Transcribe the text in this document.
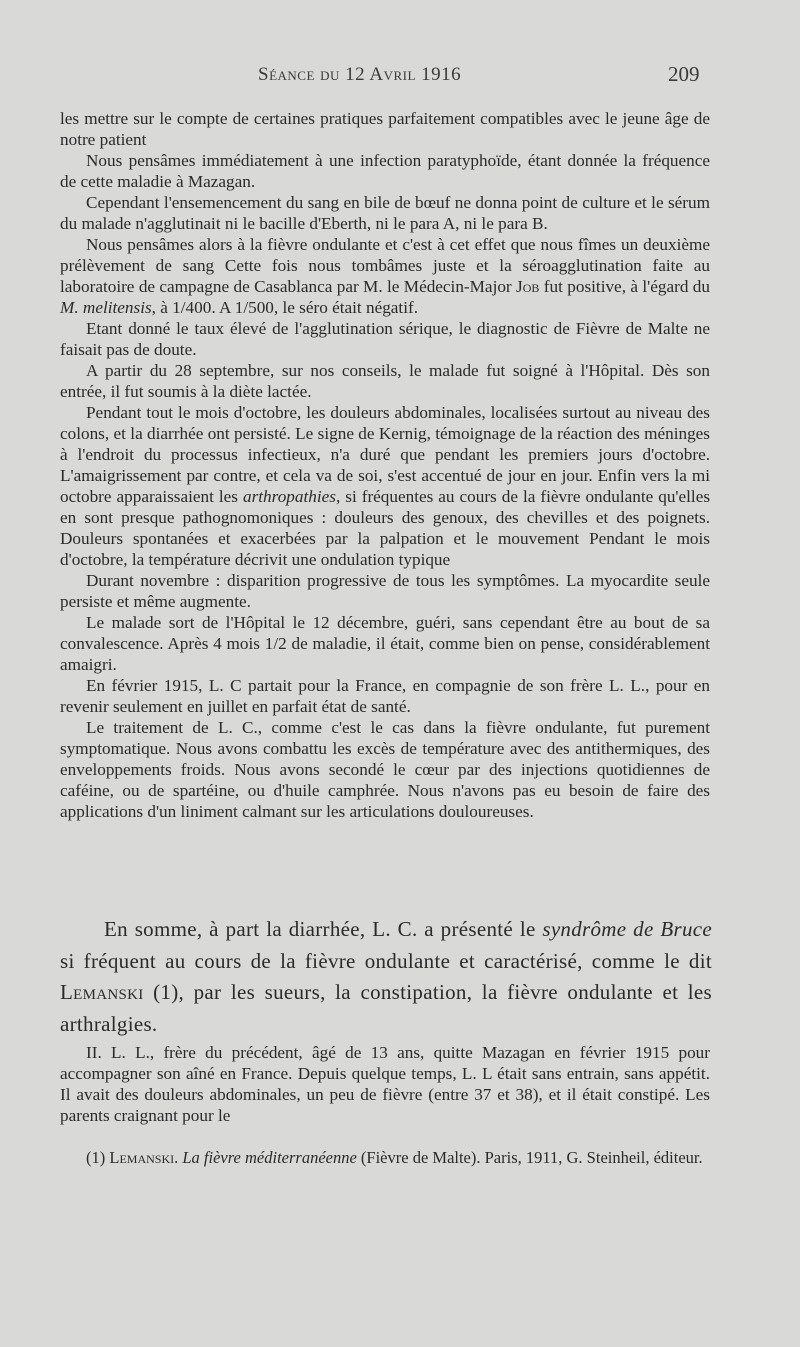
Séance du 12 Avril 1916	209

les mettre sur le compte de certaines pratiques parfaitement compatibles avec le jeune âge de notre patient

Nous pensâmes immédiatement à une infection paratyphoïde, étant donnée la fréquence de cette maladie à Mazagan.

Cependant l'ensemencement du sang en bile de bœuf ne donna point de culture et le sérum du malade n'agglutinait ni le bacille d'Eberth, ni le para A, ni le para B.

Nous pensâmes alors à la fièvre ondulante et c'est à cet effet que nous fîmes un deuxième prélèvement de sang Cette fois nous tombâmes juste et la séroagglutination faite au laboratoire de campagne de Casablanca par M. le Médecin-Major Job fut positive, à l'égard du M. melitensis, à 1/400. A 1/500, le séro était négatif.

Etant donné le taux élevé de l'agglutination sérique, le diagnostic de Fièvre de Malte ne faisait pas de doute.

A partir du 28 septembre, sur nos conseils, le malade fut soigné à l'Hôpital. Dès son entrée, il fut soumis à la diète lactée.

Pendant tout le mois d'octobre, les douleurs abdominales, localisées surtout au niveau des colons, et la diarrhée ont persisté. Le signe de Kernig, témoignage de la réaction des méninges à l'endroit du processus infectieux, n'a duré que pendant les premiers jours d'octobre. L'amaigrissement par contre, et cela va de soi, s'est accentué de jour en jour. Enfin vers la mi octobre apparaissaient les arthropathies, si fréquentes au cours de la fièvre ondulante qu'elles en sont presque pathognomoniques : douleurs des genoux, des chevilles et des poignets. Douleurs spontanées et exacerbées par la palpation et le mouvement Pendant le mois d'octobre, la température décrivit une ondulation typique

Durant novembre : disparition progressive de tous les symptômes. La myocardite seule persiste et même augmente.

Le malade sort de l'Hôpital le 12 décembre, guéri, sans cependant être au bout de sa convalescence. Après 4 mois 1/2 de maladie, il était, comme bien on pense, considérablement amaigri.

En février 1915, L. C partait pour la France, en compagnie de son frère L. L., pour en revenir seulement en juillet en parfait état de santé.

Le traitement de L. C., comme c'est le cas dans la fièvre ondulante, fut purement symptomatique. Nous avons combattu les excès de température avec des antithermiques, des enveloppements froids. Nous avons secondé le cœur par des injections quotidiennes de caféine, ou de spartéine, ou d'huile camphrée. Nous n'avons pas eu besoin de faire des applications d'un liniment calmant sur les articulations douloureuses.

En somme, à part la diarrhée, L. C. a présenté le syndrôme de Bruce si fréquent au cours de la fièvre ondulante et caractérisé, comme le dit Lemanski (1), par les sueurs, la constipation, la fièvre ondulante et les arthralgies.

II. L. L., frère du précédent, âgé de 13 ans, quitte Mazagan en février 1915 pour accompagner son aîné en France. Depuis quelque temps, L. L était sans entrain, sans appétit. Il avait des douleurs abdominales, un peu de fièvre (entre 37 et 38), et il était constipé. Les parents craignant pour le

(1) Lemanski. La fièvre méditerranéenne (Fièvre de Malte). Paris, 1911, G. Steinheil, éditeur.
